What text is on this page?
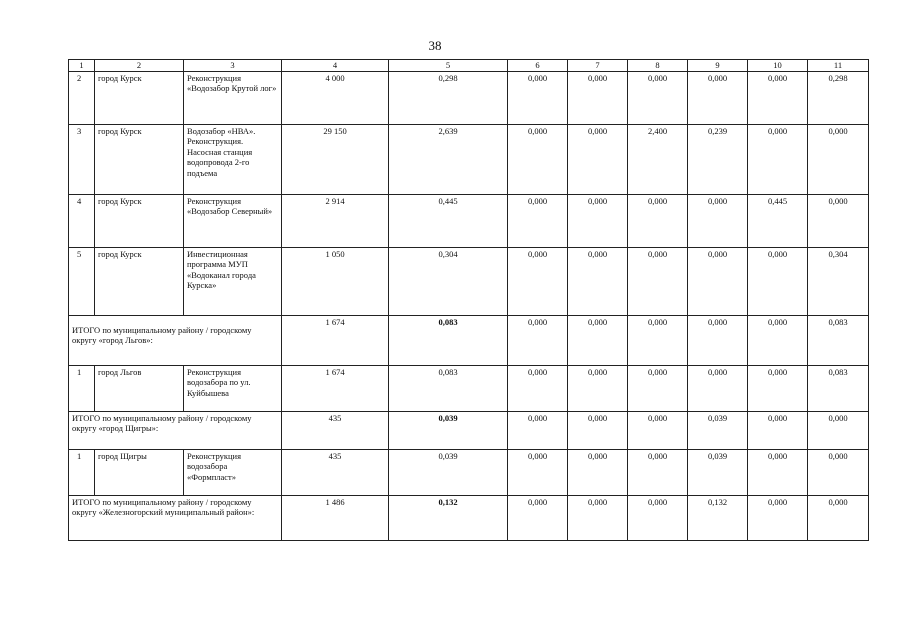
38
1	2	3	4	5	6	7	8	9	10	11
2	город Курск	Реконструкция «Водозабор Крутой лог»	4 000	0,298	0,000	0,000	0,000	0,000	0,000	0,298
3	город Курск	Водозабор «НВА». Реконструкция. Насосная станция водопровода 2-го подъема	29 150	2,639	0,000	0,000	2,400	0,239	0,000	0,000
4	город Курск	Реконструкция «Водозабор Северный»	2 914	0,445	0,000	0,000	0,000	0,000	0,445	0,000
5	город Курск	Инвестиционная программа МУП «Водоканал города Курска»	1 050	0,304	0,000	0,000	0,000	0,000	0,000	0,304
ИТОГО по муниципальному району / городскому округу «город Льгов»:			1 674	0,083	0,000	0,000	0,000	0,000	0,000	0,083
1	город Льгов	Реконструкция водозабора по ул. Куйбышева	1 674	0,083	0,000	0,000	0,000	0,000	0,000	0,083
ИТОГО по муниципальному району / городскому округу «город Щигры»:			435	0,039	0,000	0,000	0,000	0,039	0,000	0,000
1	город Щигры	Реконструкция водозабора «Формпласт»	435	0,039	0,000	0,000	0,000	0,039	0,000	0,000
ИТОГО по муниципальному району / городскому округу «Железногорский муниципальный район»:			1 486	0,132	0,000	0,000	0,000	0,132	0,000	0,000
